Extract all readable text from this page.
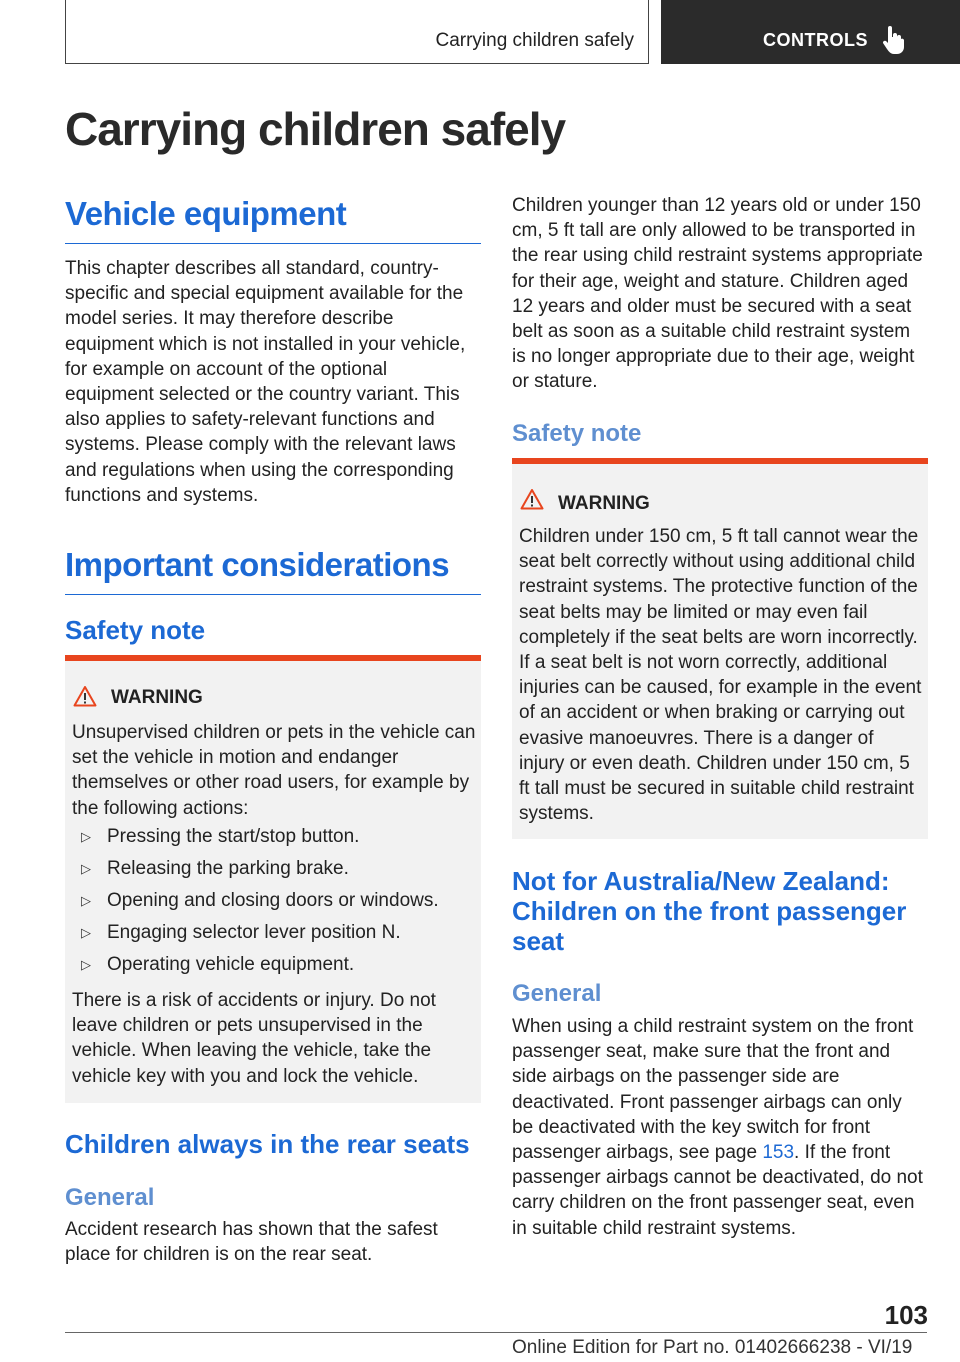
Carrying children safely	CONTROLS
Carrying children safely
Vehicle equipment

This chapter describes all standard, country-specific and special equipment available for the model series. It may therefore describe equipment which is not installed in your vehicle, for example on account of the optional equipment selected or the country variant. This also applies to safety-relevant functions and systems. Please comply with the relevant laws and regulations when using the corresponding functions and systems.

Important considerations
Safety note
WARNING
Unsupervised children or pets in the vehicle can set the vehicle in motion and endanger themselves or other road users, for example by the following actions:
▷ Pressing the start/stop button.
▷ Releasing the parking brake.
▷ Opening and closing doors or windows.
▷ Engaging selector lever position N.
▷ Operating vehicle equipment.
There is a risk of accidents or injury. Do not leave children or pets unsupervised in the vehicle. When leaving the vehicle, take the vehicle key with you and lock the vehicle.
Children always in the rear seats
General

Accident research has shown that the safest place for children is on the rear seat.

Children younger than 12 years old or under 150 cm, 5 ft tall are only allowed to be transported in the rear using child restraint systems appropriate for their age, weight and stature. Children aged 12 years and older must be secured with a seat belt as soon as a suitable child restraint system is no longer appropriate due to their age, weight or stature.

Safety note
WARNING
Children under 150 cm, 5 ft tall cannot wear the seat belt correctly without using additional child restraint systems. The protective function of the seat belts may be limited or may even fail completely if the seat belts are worn incorrectly. If a seat belt is not worn correctly, additional injuries can be caused, for example in the event of an accident or when braking or carrying out evasive manoeuvres. There is a danger of injury or even death. Children under 150 cm, 5 ft tall must be secured in suitable child restraint systems.
Not for Australia/New Zealand: Children on the front passenger seat
General

When using a child restraint system on the front passenger seat, make sure that the front and side airbags on the passenger side are deactivated. Front passenger airbags can only be deactivated with the key switch for front passenger airbags, see page 153. If the front passenger airbags cannot be deactivated, do not carry children on the front passenger seat, even in suitable child restraint systems.

103
Online Edition for Part no. 01402666238 - VI/19
